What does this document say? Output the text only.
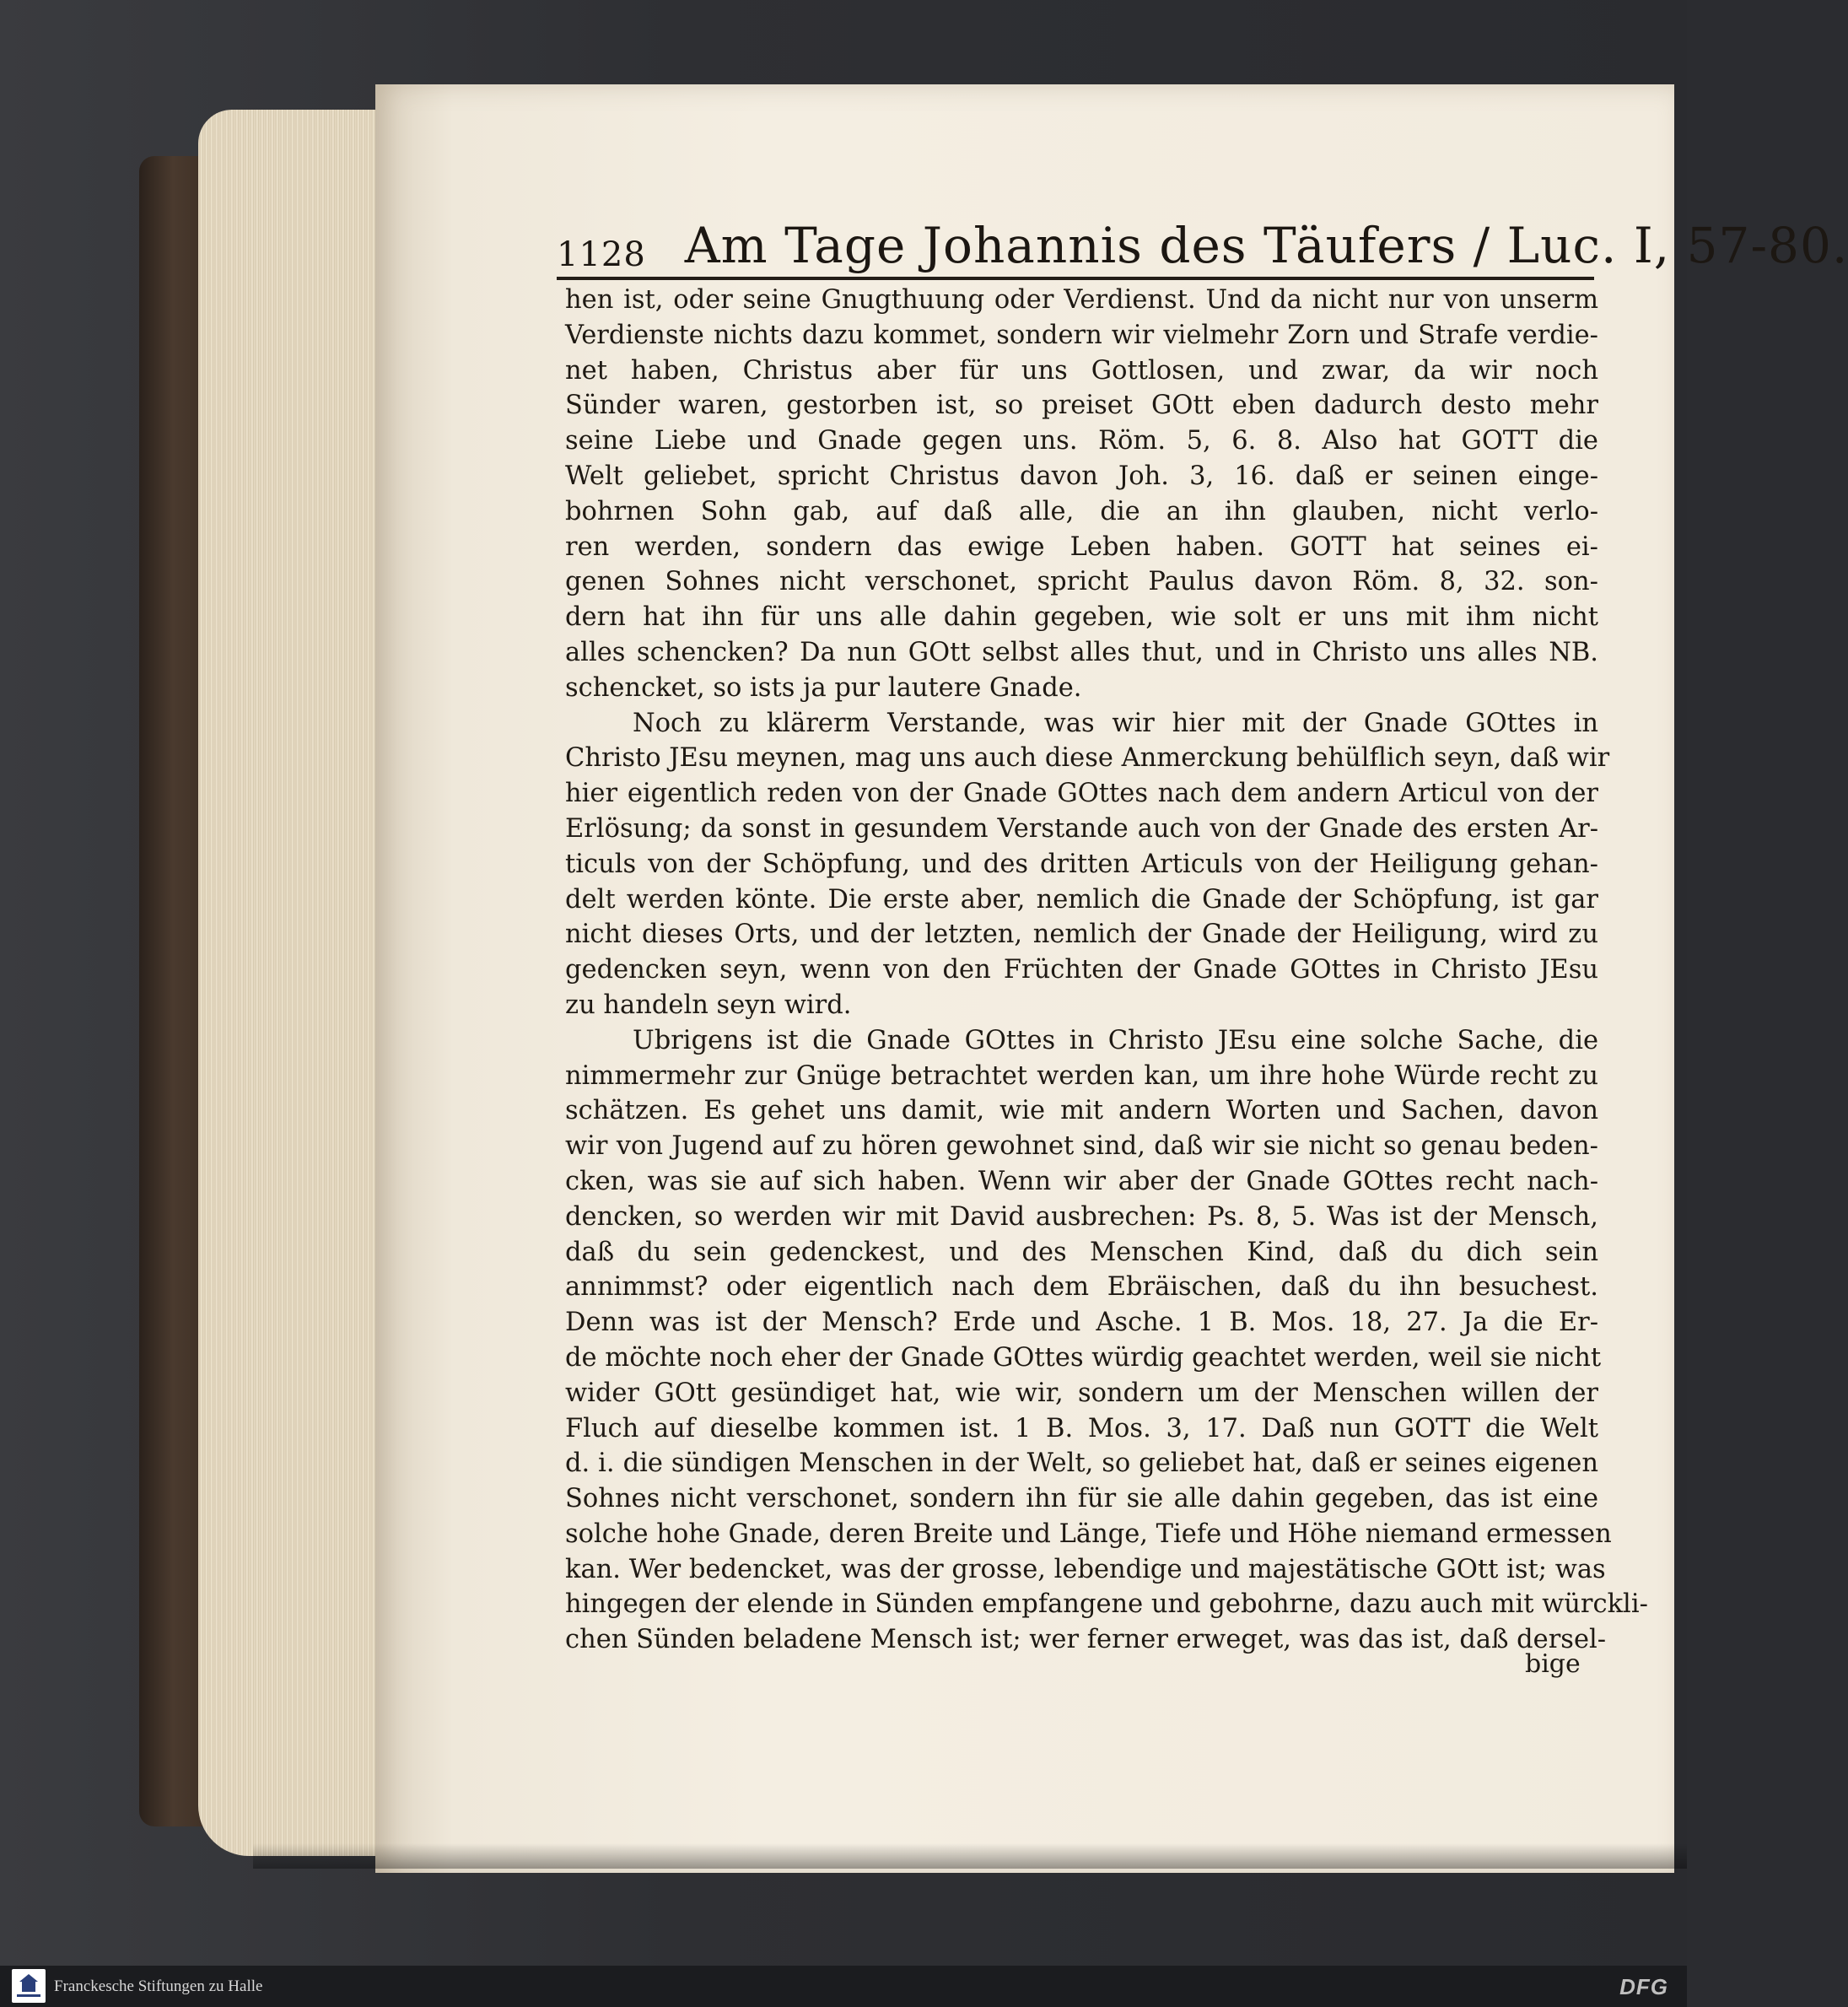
1128 Am Tage Johannis des Täufers / Luc. I, 57-80.
hen ist, oder seine Gnugthuung oder Verdienst. Und da nicht nur von unserm
Verdienste nichts dazu kommet, sondern wir vielmehr Zorn und Strafe verdie-
net haben, Christus aber für uns Gottlosen, und zwar, da wir noch
Sünder waren, gestorben ist, so preiset GOtt eben dadurch desto mehr
seine Liebe und Gnade gegen uns. Röm. 5, 6. 8. Also hat GOTT die
Welt geliebet, spricht Christus davon Joh. 3, 16. daß er seinen einge-
bohrnen Sohn gab, auf daß alle, die an ihn glauben, nicht verlo-
ren werden, sondern das ewige Leben haben. GOTT hat seines ei-
genen Sohnes nicht verschonet, spricht Paulus davon Röm. 8, 32. son-
dern hat ihn für uns alle dahin gegeben, wie solt er uns mit ihm nicht
alles schencken? Da nun GOtt selbst alles thut, und in Christo uns alles NB.
schencket, so ists ja pur lautere Gnade.
Noch zu klärerm Verstande, was wir hier mit der Gnade GOttes in
Christo JEsu meynen, mag uns auch diese Anmerckung behülflich seyn, daß wir
hier eigentlich reden von der Gnade GOttes nach dem andern Articul von der
Erlösung; da sonst in gesundem Verstande auch von der Gnade des ersten Ar-
ticuls von der Schöpfung, und des dritten Articuls von der Heiligung gehan-
delt werden könte. Die erste aber, nemlich die Gnade der Schöpfung, ist gar
nicht dieses Orts, und der letzten, nemlich der Gnade der Heiligung, wird zu
gedencken seyn, wenn von den Früchten der Gnade GOttes in Christo JEsu
zu handeln seyn wird.
Ubrigens ist die Gnade GOttes in Christo JEsu eine solche Sache, die
nimmermehr zur Gnüge betrachtet werden kan, um ihre hohe Würde recht zu
schätzen. Es gehet uns damit, wie mit andern Worten und Sachen, davon
wir von Jugend auf zu hören gewohnet sind, daß wir sie nicht so genau beden-
cken, was sie auf sich haben. Wenn wir aber der Gnade GOttes recht nach-
dencken, so werden wir mit David ausbrechen: Ps. 8, 5. Was ist der Mensch,
daß du sein gedenckest, und des Menschen Kind, daß du dich sein
annimmst? oder eigentlich nach dem Ebräischen, daß du ihn besuchest.
Denn was ist der Mensch? Erde und Asche. 1 B. Mos. 18, 27. Ja die Er-
de möchte noch eher der Gnade GOttes würdig geachtet werden, weil sie nicht
wider GOtt gesündiget hat, wie wir, sondern um der Menschen willen der
Fluch auf dieselbe kommen ist. 1 B. Mos. 3, 17. Daß nun GOTT die Welt
d. i. die sündigen Menschen in der Welt, so geliebet hat, daß er seines eigenen
Sohnes nicht verschonet, sondern ihn für sie alle dahin gegeben, das ist eine
solche hohe Gnade, deren Breite und Länge, Tiefe und Höhe niemand ermessen
kan. Wer bedencket, was der grosse, lebendige und majestätische GOtt ist; was
hingegen der elende in Sünden empfangene und gebohrne, dazu auch mit würckli-
chen Sünden beladene Mensch ist; wer ferner erweget, was das ist, daß dersel-
bige
Franckesche Stiftungen zu Halle	DFG
